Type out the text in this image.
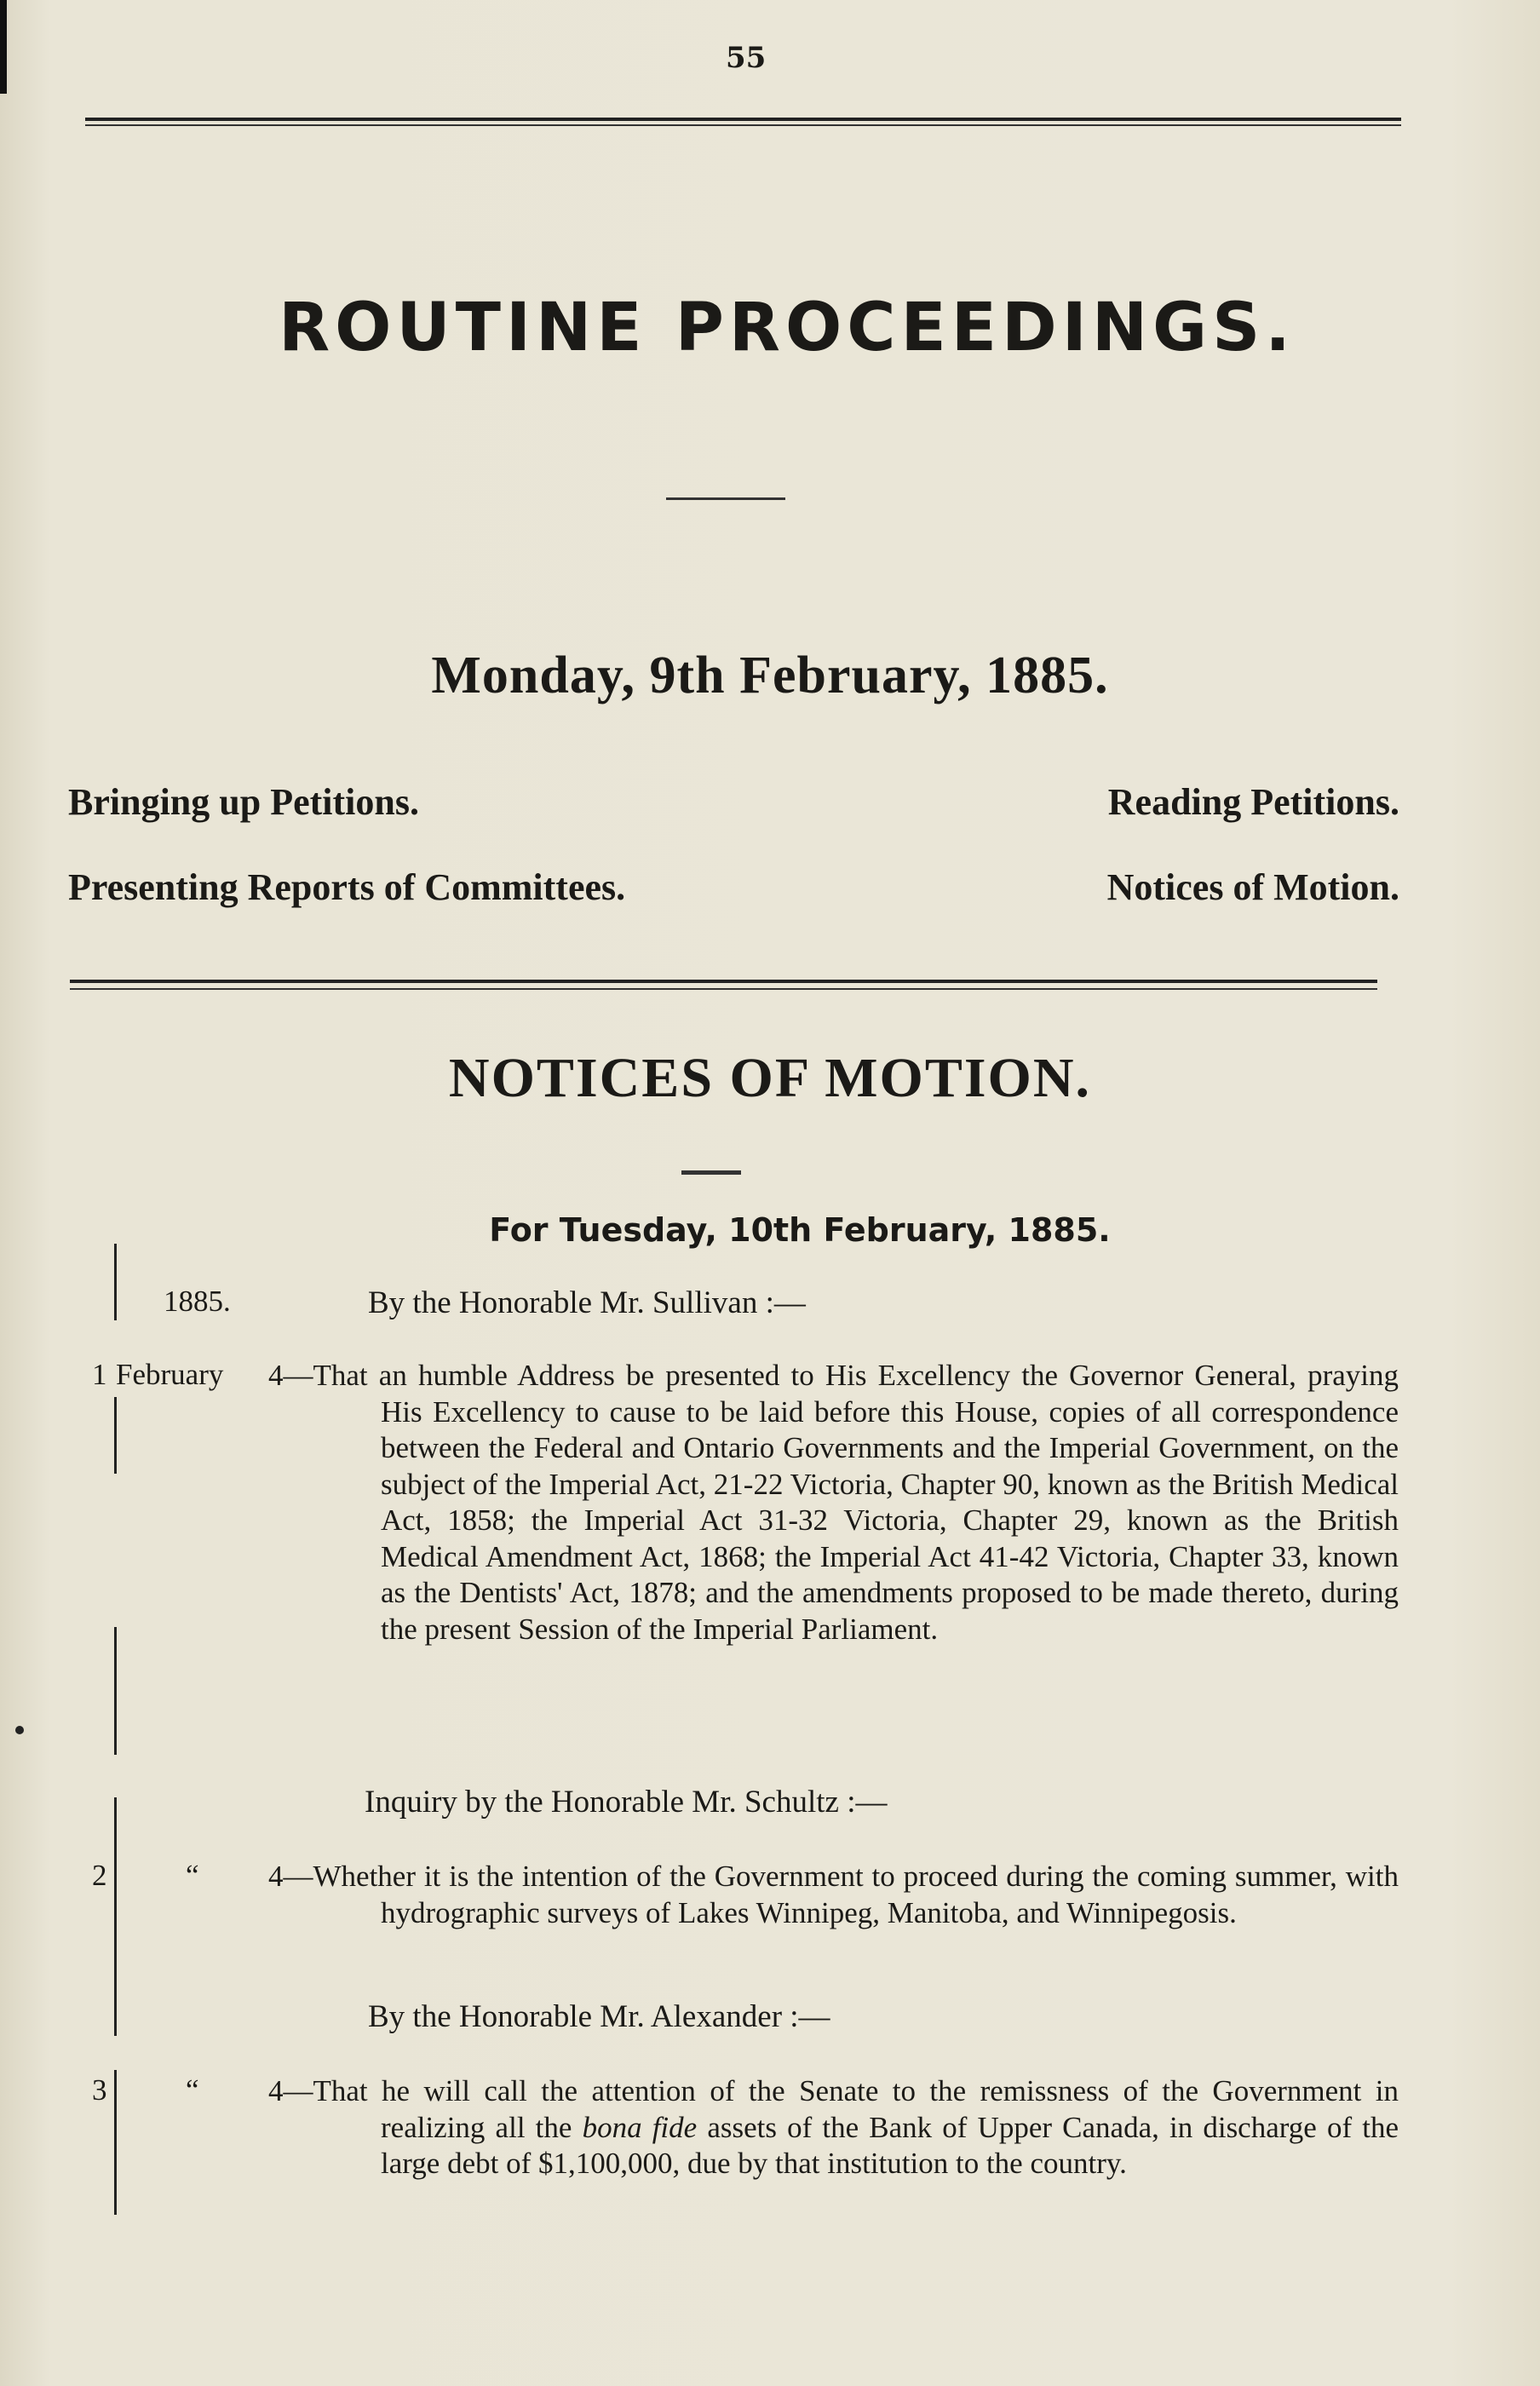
55
ROUTINE PROCEEDINGS.
Monday, 9th February, 1885.
Bringing up Petitions.	Reading Petitions.
Presenting Reports of Committees.	Notices of Motion.
NOTICES OF MOTION.
For Tuesday, 10th February, 1885.
1885.	By the Honorable Mr. Sullivan :—
1 February 4—That an humble Address be presented to His Excellency the Governor General, praying His Excellency to cause to be laid before this House, copies of all correspondence between the Federal and Ontario Governments and the Imperial Government, on the subject of the Imperial Act, 21-22 Victoria, Chapter 90, known as the British Medical Act, 1858; the Imperial Act 31-32 Victoria, Chapter 29, known as the British Medical Amendment Act, 1868; the Imperial Act 41-42 Victoria, Chapter 33, known as the Dentists' Act, 1878; and the amendments proposed to be made thereto, during the present Session of the Imperial Parliament.
Inquiry by the Honorable Mr. Schultz :—
2	“ 4—Whether it is the intention of the Government to proceed during the coming summer, with hydrographic surveys of Lakes Winnipeg, Manitoba, and Winnipegosis.
By the Honorable Mr. Alexander :—
3	“ 4—That he will call the attention of the Senate to the remissness of the Government in realizing all the bona fide assets of the Bank of Upper Canada, in discharge of the large debt of $1,100,000, due by that institution to the country.
